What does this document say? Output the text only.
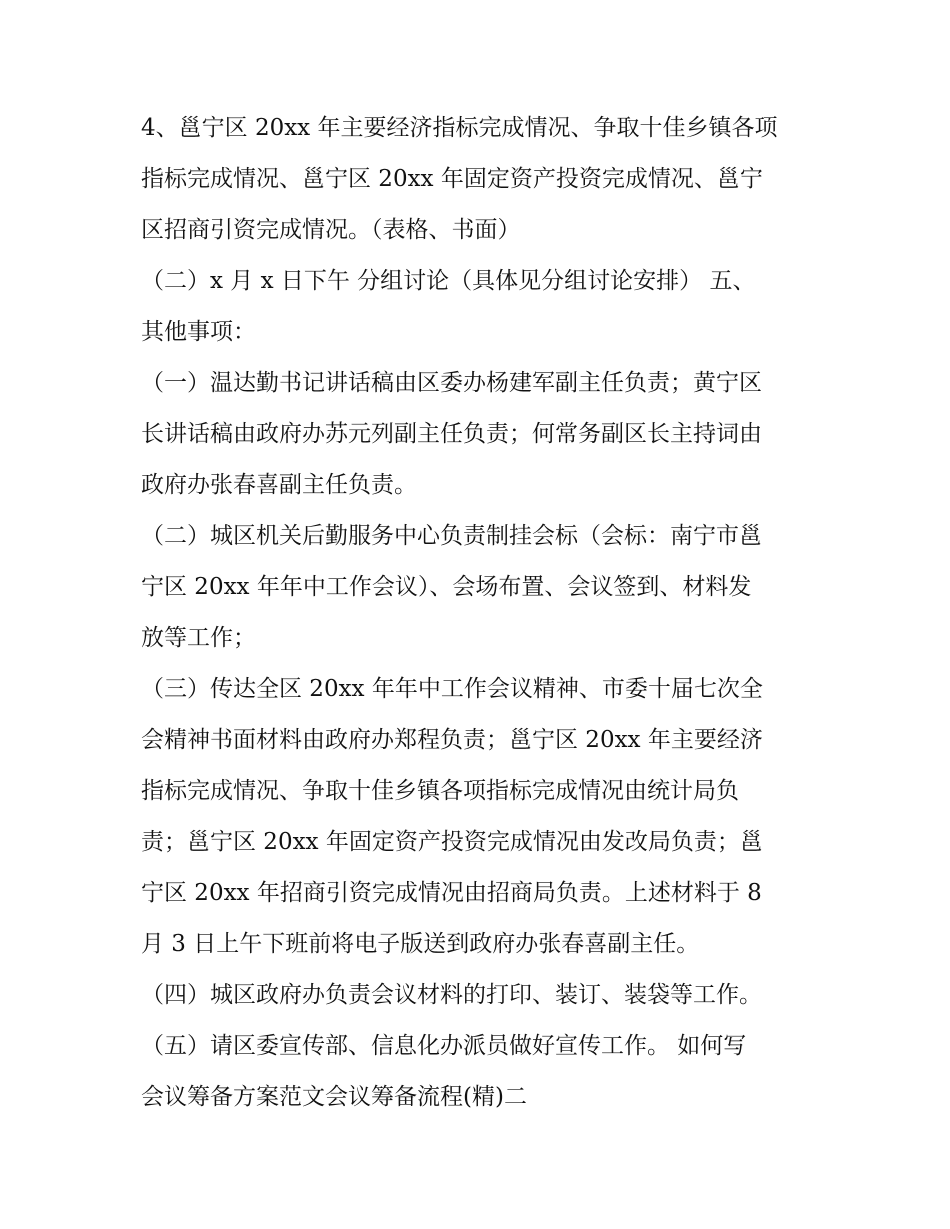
4、邕宁区 20xx 年主要经济指标完成情况、争取十佳乡镇各项

指标完成情况、邕宁区 20xx 年固定资产投资完成情况、邕宁

区招商引资完成情况。（表格、书面）

（二）x 月 x 日下午 分组讨论（具体见分组讨论安排） 五、

其他事项：

（一）温达勤书记讲话稿由区委办杨建军副主任负责；黄宁区

长讲话稿由政府办苏元列副主任负责；何常务副区长主持词由

政府办张春喜副主任负责。

（二）城区机关后勤服务中心负责制挂会标（会标：南宁市邕

宁区 20xx 年年中工作会议）、会场布置、会议签到、材料发

放等工作；

（三）传达全区 20xx 年年中工作会议精神、市委十届七次全

会精神书面材料由政府办郑程负责；邕宁区 20xx 年主要经济

指标完成情况、争取十佳乡镇各项指标完成情况由统计局负

责；邕宁区 20xx 年固定资产投资完成情况由发改局负责；邕

宁区 20xx 年招商引资完成情况由招商局负责。上述材料于 8

月 3 日上午下班前将电子版送到政府办张春喜副主任。

（四）城区政府办负责会议材料的打印、装订、装袋等工作。

（五）请区委宣传部、信息化办派员做好宣传工作。 如何写

会议筹备方案范文会议筹备流程(精)二
